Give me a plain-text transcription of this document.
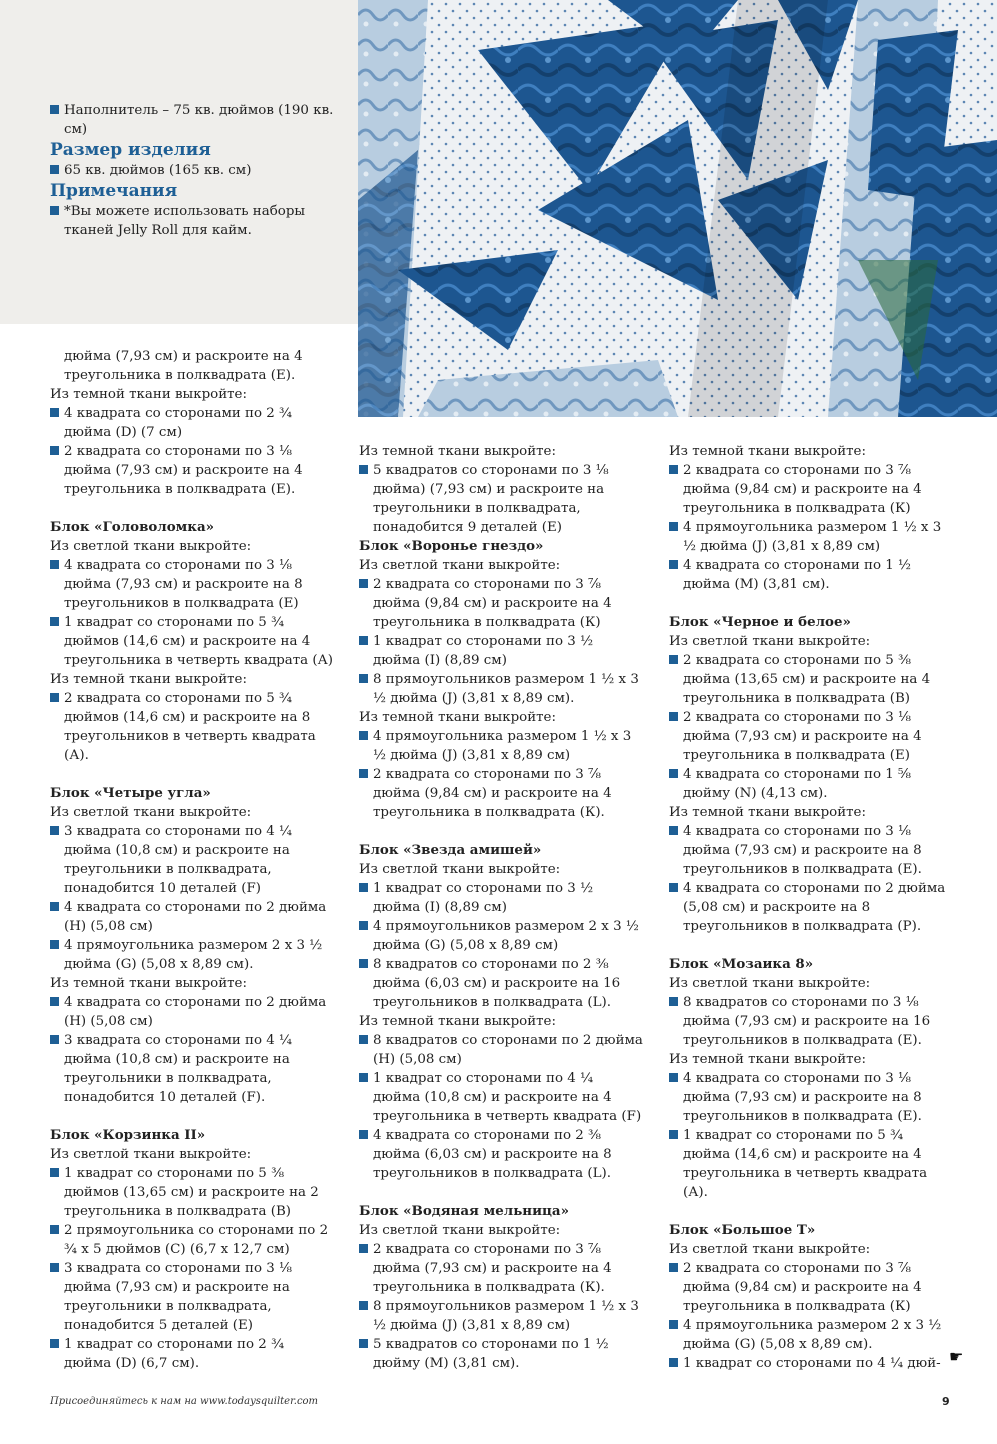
Наполнитель – 75 кв. дюймов (190 кв. см)

Размер изделия

65 кв. дюймов (165 кв. см)

Примечания

*Вы можете использовать наборы тканей Jelly Roll для кайм.

дюйма (7,93 см) и раскроите на 4 треугольника в полквадрата (Е).

Из темной ткани выкройте:

4 квадрата со сторонами по 2 ¾ дюйма (D) (7 см)

2 квадрата со сторонами по 3 ⅛ дюйма (7,93 см) и раскроите на 4 треугольника в полквадрата (Е).

Блок «Головоломка»

Из светлой ткани выкройте:

4 квадрата со сторонами по 3 ⅛ дюйма (7,93 см) и раскроите на 8 треугольников в полквадрата (Е)

1 квадрат со сторонами по 5 ¾ дюймов (14,6 см) и раскроите на 4 треугольника в четверть квадрата (А)

Из темной ткани выкройте:

2 квадрата со сторонами по 5 ¾ дюймов (14,6 см) и раскроите на 8 треугольников в четверть квадрата (А).

Блок «Четыре угла»

Из светлой ткани выкройте:

3 квадрата со сторонами по 4 ¼ дюйма (10,8 см) и раскроите на треугольники в полквадрата, понадобится 10 деталей (F)

4 квадрата со сторонами по 2 дюйма (Н) (5,08 см)

4 прямоугольника размером 2 х 3 ½ дюйма (G) (5,08 х 8,89 см).

Из темной ткани выкройте:

4 квадрата со сторонами по 2 дюйма (Н) (5,08 см)

3 квадрата со сторонами по 4 ¼ дюйма (10,8 см) и раскроите на треугольники в полквадрата, понадобится 10 деталей (F).

Блок «Корзинка II»

Из светлой ткани выкройте:

1 квадрат со сторонами по 5 ⅜ дюймов (13,65 см) и раскроите на 2 треугольника в полквадрата (В)

2 прямоугольника со сторонами по 2 ¾ х 5 дюймов (С) (6,7 х 12,7 см)

3 квадрата со сторонами по 3 ⅛ дюйма (7,93 см) и раскроите на треугольники в полквадрата, понадобится 5 деталей (Е)

1 квадрат со сторонами по 2 ¾ дюйма (D) (6,7 см).

Из темной ткани выкройте:

5 квадратов со сторонами по 3 ⅛ дюйма) (7,93 см) и раскроите на треугольники в полквадрата, понадобится 9 деталей (Е)

Блок «Воронье гнездо»

Из светлой ткани выкройте:

2 квадрата со сторонами по 3 ⅞ дюйма (9,84 см) и раскроите на 4 треугольника в полквадрата (К)

1 квадрат со сторонами по 3 ½ дюйма (I) (8,89 см)

8 прямоугольников размером 1 ½ х 3 ½ дюйма (J) (3,81 х 8,89 см).

Из темной ткани выкройте:

4 прямоугольника размером 1 ½ х 3 ½ дюйма (J) (3,81 х 8,89 см)

2 квадрата со сторонами по 3 ⅞ дюйма (9,84 см) и раскроите на 4 треугольника в полквадрата (К).

Блок «Звезда амишей»

Из светлой ткани выкройте:

1 квадрат со сторонами по 3 ½ дюйма (I) (8,89 см)

4 прямоугольников размером 2 х 3 ½ дюйма (G) (5,08 х 8,89 см)

8 квадратов со сторонами по 2 ⅜ дюйма (6,03 см) и раскроите на 16 треугольников в полквадрата (L).

Из темной ткани выкройте:

8 квадратов со сторонами по 2 дюйма (Н) (5,08 см)

1 квадрат со сторонами по 4 ¼ дюйма (10,8 см) и раскроите на 4 треугольника в четверть квадрата (F)

4 квадрата со сторонами по 2 ⅜ дюйма (6,03 см) и раскроите на 8 треугольников в полквадрата (L).

Блок «Водяная мельница»

Из светлой ткани выкройте:

2 квадрата со сторонами по 3 ⅞ дюйма (7,93 см) и раскроите на 4 треугольника в полквадрата (К).

8 прямоугольников размером 1 ½ х 3 ½ дюйма (J) (3,81 х 8,89 см)

5 квадратов со сторонами по 1 ½ дюйму (М) (3,81 см).

Из темной ткани выкройте:

2 квадрата со сторонами по 3 ⅞ дюйма (9,84 см) и раскроите на 4 треугольника в полквадрата (К)

4 прямоугольника размером 1 ½ х 3 ½ дюйма (J) (3,81 х 8,89 см)

4 квадрата со сторонами по 1 ½ дюйма (М) (3,81 см).

Блок «Черное и белое»

Из светлой ткани выкройте:

2 квадрата со сторонами по 5 ⅜ дюйма (13,65 см) и раскроите на 4 треугольника в полквадрата (В)

2 квадрата со сторонами по 3 ⅛ дюйма (7,93 см) и раскроите на 4 треугольника в полквадрата (Е)

4 квадрата со сторонами по 1 ⅝ дюйму (N) (4,13 см).

Из темной ткани выкройте:

4 квадрата со сторонами по 3 ⅛ дюйма (7,93 см) и раскроите на 8 треугольников в полквадрата (Е).

4 квадрата со сторонами по 2 дюйма (5,08 см) и раскроите на 8 треугольников в полквадрата (Р).

Блок «Мозаика 8»

Из светлой ткани выкройте:

8 квадратов со сторонами по 3 ⅛ дюйма (7,93 см) и раскроите на 16 треугольников в полквадрата (Е).

Из темной ткани выкройте:

4 квадрата со сторонами по 3 ⅛ дюйма (7,93 см) и раскроите на 8 треугольников в полквадрата (Е).

1 квадрат со сторонами по 5 ¾ дюйма (14,6 см) и раскроите на 4 треугольника в четверть квадрата (А).

Блок «Большое Т»

Из светлой ткани выкройте:

2 квадрата со сторонами по 3 ⅞ дюйма (9,84 см) и раскроите на 4 треугольника в полквадрата (К)

4 прямоугольника размером 2 х 3 ½ дюйма (G) (5,08 х 8,89 см).

1 квадрат со сторонами по 4 ¼ дюй-

Присоединяйтесь к нам на www.todaysquilter.com	9
☛
